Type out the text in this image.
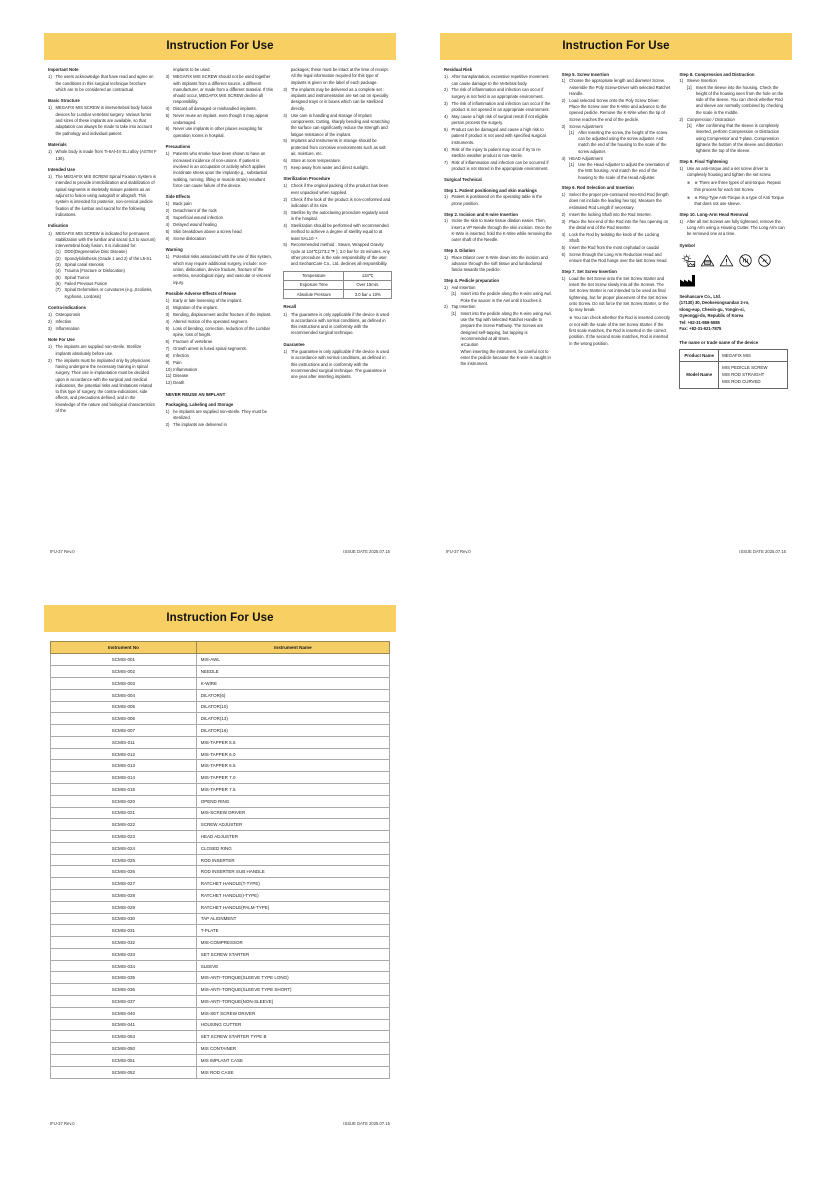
Instruction For Use
Important Note
1) The users acknowledge that have read and agree on the conditions in this surgical technique brochure which are to be considered an contractual.
Basic Structure
1) MEGAFIX MIS SCREW is intervertebral body fusion devices for Lumbar vertebral surgery. Various forms and sizes of these implants are available, so that adaptation can always be made to take into account the pathology and individual patient.
Materials
1) Whole body is made from Ti-6Al-4V ELI alloy (ASTM F 136).
Intended Use
1) The MEGAFIX MIS SCREW Spinal Fixation System is intended to provide immobilization and stabilization of spinal segments in skeletally mature patients as an adjunct to fusion using autograft or allograft. This system is intended for posterior, non-cervical pedicle fixation of the lumbar and sacral for the following indications.
Indication
1) MEGAFIX MIS SCREW is indicated for permanent stabilization with the lumbar and sacral (L3 to sacrum) intervertebral body fusion. It is indicated for:
(1) DDD(Degenerative Disc Disease)
(2) Spondylolisthesis (Grade 1 and 2) of the L5-S1
(3) Spinal canal stenosis
(4) Trauma (Fracture or Dislocation)
(5) Spinal Tumor
(6) Failed Previous Fusion
(7) Spinal Deformities or curvatures (e.g.,Scoliosis, Kyphosis, Lordosis)
Contra-indications
1) Osteoporosis
2) Infection
3) Inflammation
Note For Use
1) The implants are supplied non-sterile. Sterilize implants absolutely before use.
2) The implants must be implanted only by physicians having undergone the necessary training in spinal surgery. Their use in implantation must be decided upon in accordance with the surgical and medical indications, the potential risks and limitations related to this type of surgery, the contra-indications, side effects, and precautions defined, and in the knowledge of the nature and biological characteristics of the

implants to be used.

3) MEGAFIX MIS SCREW should not be used together with implants from a different source, a different manufacturer, or made from a different material. If this should occur, MEGAFIX MIS SCREW decline all responsibility.
4) Discard all damaged or mishandled implants.
5) Never reuse an implant. even though it may appear undamaged.
6) Never use implants in other places excepting for operation rooms in hospital.
Precautions
1) Patients who smoke have been shown to have an increased incidence of non-unions. If patient is involved in an occupation or activity which applies inordinate stress upon the implant(e.g., substantial walking, running, lifting or muscle strain) resultant force can cause failure of the device.
Side Effects
1) Back pain
2) Detachment of the rods
3) Superficial wound infection
4) Delayed wound healing
5) Skin breakdown above a screw head
6) Screw dislocation
Warning
1) Potential risks associated with the use of this system, which may require additional surgery, include: non-union, dislocation, device fracture, fracture of the vertebra, neurological injury, and vascular or visceral injury.
Possible Adverse Effects of Reuse
1) Early or late loosening of the implant.
2) Migration of the implant.
3) Bending, displacement and/or fracture of the implant.
4) Altered motion of the operated segment.
5) Loss of bending, correction, reduction of the Lumbar spine, loss of height.
6) Fracture of vertebrae
7) Growth arrest in fused spinal segments.
8) Infection
9) Pain
10) Inflammation
11) Disease
12) Death
NEVER REUSE AN IMPLANT
Packaging, Labeling and Storage
1) he implants are supplied non-sterile. They must be sterilized.
2) The implants are delivered in

packages; these must be intact at the time of receipt. All the legal information required for this type of implants is given on the label of each package.

3) The implants may be delivered as a complete set : implants and instrumentation are set out on specially designed trays or in boxes which can be sterilized directly.
4) Use care in handling and storage of implant components. Cutting, sharply bending and scratching the surface can significantly reduce the strength and fatigue resistance of the implant.
5) Implants and Instruments in storage should be protected from corrosive environments such as salt air, moisture, etc.
6) Store at room temperature.
7) Keep away from water and direct sunlight.
Sterilization Procedure
1) Check if the original packing of the product has been ever unpacked when supplied.
2) Check if the look of the product is non-conformed and indication of its size.
3) Sterilize by the autoclaving procedure regularly used in the hospital.
4) Sterilization should be performed with recommended method to achieve a degree of sterility equal to at least SAL10⁻⁶.
5) Recommended method : Steam, Wrapped Gravity cycle at 134℃(273.2 ℉ ), 3.0 bar for 15 minutes. Any other procedure is the sole responsibility of the user and SeohanCare Co., Ltd. declines all responsibility.
Temperature	134℃
Exposure Time	Over 15min.
Absolute Pressure	3.0 bar ± 10%
Recall
1) The guarantee is only applicable if the device is used in accordance with normal conditions, as defined in this instructions and in conformity with the recommended surgical technique.
Guarantee
1) The guarantee is only applicable if the device is used in accordance with normal conditions, as defined in this instructions and in conformity with the recommended surgical technique. The guarantee is one year after inserting implants.
IFU-37 Rev.0	ISSUE DATE 2025.07.15
Instruction For Use
Residual Risk
1) After transplantation, excessive repetitive movement can cause damage to the Vertebral body.
2) The risk of inflammation and infection can occur if surgery is not held in an appropriate environment.
3) The risk of inflammation and infection can occur if the product is not opened in an appropriate environment.
4) May cause a high risk of surgical result if not eligible person process the surgery.
5) Product can be damaged and cause a high risk to patient if product is not used with specified surgical instruments.
6) Risk of the injury to patient may occur if try to re-sterilize weather product is non-sterile.
7) Risk of inflammation and infection can be occurred if product is not stored in the appropriate environment.
Surgical Technical
Step 1. Patient positioning and skin markings
1) Patient is positioned on the operating table in the prone position.
Step 2. Incision and K-wire Insertion
1) Incise the skin to make tissue dilation easier. Then, insert a VP Needle through the skin incision. Once the K-Wire is inserted, hold the K-Wire while removing the outer shaft of the Needle.
Step 3. Dilation
1) Place Dilator over K-Wire down into the incision and advance through the soft tissue and lumbodorsal fascia towards the pedicle.
Step 4. Pedicle preparation
1) Awl Insertion
[1] Insert into the pedicle along the K-wire using Awl. Poke the saucer in the Awl until it touches it.
2) Tap Insertion
[1] Insert into the pedicle along the K-wire using Awl. use the Tap with selected Ratchet Handle to prepare the Screw Pathway. The Screws are designed self-tapping, but tapping is recommended at all times.
※Caution
When inserting the instrument, be careful not to enter the pedicle because the K-wire is caught in the instrument.
Step 5. Screw Insertion
1) Choose the appropriate length and diameter Screw. Assemble the Poly Screw-Driver with selected Ratchet Handle.
2) Load selected Screw onto the Poly Screw Driver. Place the Screw over the K-Wire and advance to the opened pedicle. Remove the K-Wire when the tip of Screw reaches the end of the pedicle.
3) Screw Adjustment
[1] After inserting the screw, the height of the screw can be adjusted using the screw adjuster. And match the end of the housing to the scale of the screw adjuster.
4) HEAD Adjustment
[1] Use the Head Adjuster to adjust the orientation of the MIS housing. And match the end of the housing to the scale of the Head Adjuster.
Step 6. Rod Selection and Insertion
1) Select the proper pre-contoured Hex-End Rod (length does not include the leading hex tip). Measure the estimated Rod Length if necessary.
2) Insert the locking Shaft into the Rod Inserter.
3) Place the hex-end of the Rod into the hex opening on the distal end of the Rod Inserter.
4) Lock the Rod by twisting the knob of the Locking Shaft.
5) Insert the Rod from the most cephalad or caudal
6) Screw through the Long Arm Reduction Head and ensure that the Rod hangs over the last Screw Head.
Step 7. Set Screw Insertion
1) Load the Set Screw onto the Set Screw Starter and insert the Set Screw slowly into all the Screws. The Set Screw Starter is not intended to be used as final tightening, but for proper placement of the Set Screw onto Screw. Do not force the Set Screw Starter, or the tip may break.
※ You can check whether the Rod is inserted correctly or not with the scale of the Set Screw Starter. If the first scale matches, the Rod is inserted in the correct position. If the second scale matches, Rod is inserted in the wrong position.
Step 8. Compression and Distraction
1) Sleeve Insertion
[1] Insert the sleeve into the housing. Check the height of the housing seen from the hole on the side of the sleeve. You can check whether Rod and sleeve are normally combined by checking the scale in the middle.
2) Compression / Distraction
[1] After confirming that the sleeve is completely inserted, perform Compression or Distraction using Compressor and T-plate. Compression tightens the bottom of the sleeve and distortion tightens the top of the sleeve.
Step 9. Final Tightening
1) Use an anti-torque and a set screw driver to completely housing and tighten the set screw.
※ ※ There are three types of anti-torque. Repeat this process for each Set Screw.
※ ※ Ring-Type Anti-Torque is a type of Anti Torque that does not use sleeve.
Step 10. Long-Arm Head Removal
1) After all Set Screws are fully tightened, remove the Long Arm using a Housing Cutter. The Long Arm can be removed one at a time.
Symbol
Seohancare Co., Ltd.
(17130) 30, Deokseongsandan 2-ro,
Idong-eup, Cheoin-gu, Yongin-si,
Gyeonggi-do, Republic of Korea
Tel: +82-31-989-5085
Fax: +82-31-921-7875
The name or trade name of the device
Product Name	MEGAFIX MIS
Model Name	MIS PEDICLE SCREW
MIS ROD STRAIGHT
MIS ROD CURVED
IFU-37 Rev.0	ISSUE DATE 2025.07.15
Instruction For Use
Instrument No	Instrument Name
SCMIS-001	MIS-AWL
SCMIS-002	NEEDLE
SCMIS-003	K-WIRE
SCMIS-004	DILATOR(6)
SCMIS-005	DILATOR(10)
SCMIS-006	DILATOR(13)
SCMIS-007	DILATOR(16)
SCMIS-011	MIS-TAPPER 5.5
SCMIS-012	MIS-TAPPER 6.0
SCMIS-013	MIS-TAPPER 6.5
SCMIS-014	MIS-TAPPER 7.0
SCMIS-015	MIS-TAPPER 7.5
SCMIS-020	OPEND RING
SCMIS-021	MIS-SCREW DRIVER
SCMIS-022	SCREW ADJUSTER
SCMIS-023	HEAD ADJUSTER
SCMIS-024	CLOSED RING
SCMIS-025	ROD INSERTER
SCMIS-026	ROD INSERTER SUB HANDLE
SCMIS-027	RATCHET HANDLE(T-TYPE)
SCMIS-028	RATCHET HANDLE(I-TYPE)
SCMIS-029	RATCHET HANDLE(PALM-TYPE)
SCMIS-030	TAP ALIGNMENT
SCMIS-031	T-PLATE
SCMIS-032	MIS-COMPRESSOR
SCMIS-033	SET SCREW STARTER
SCMIS-034	SLEEVE
SCMIS-035	MIS-ANTI-TORQUE(SLEEVE TYPE LONG)
SCMIS-036	MIS-ANTI-TORQUE(SLEEVE TYPE SHORT)
SCMIS-037	MIS-ANTI-TORQUE(NON-SLEEVE)
SCMIS-040	MIS-SET SCREW DRIVER
SCMIS-041	HOUSING CUTTER
SCMIS-053	SET SCREW STARTER TYPE B
SCMIS-050	MIS CONTAINER
SCMIS-051	MIS IMPLANT CASE
SCMIS-052	MIS ROD CASE
IFU-37 Rev.0	ISSUE DATE 2025.07.15
